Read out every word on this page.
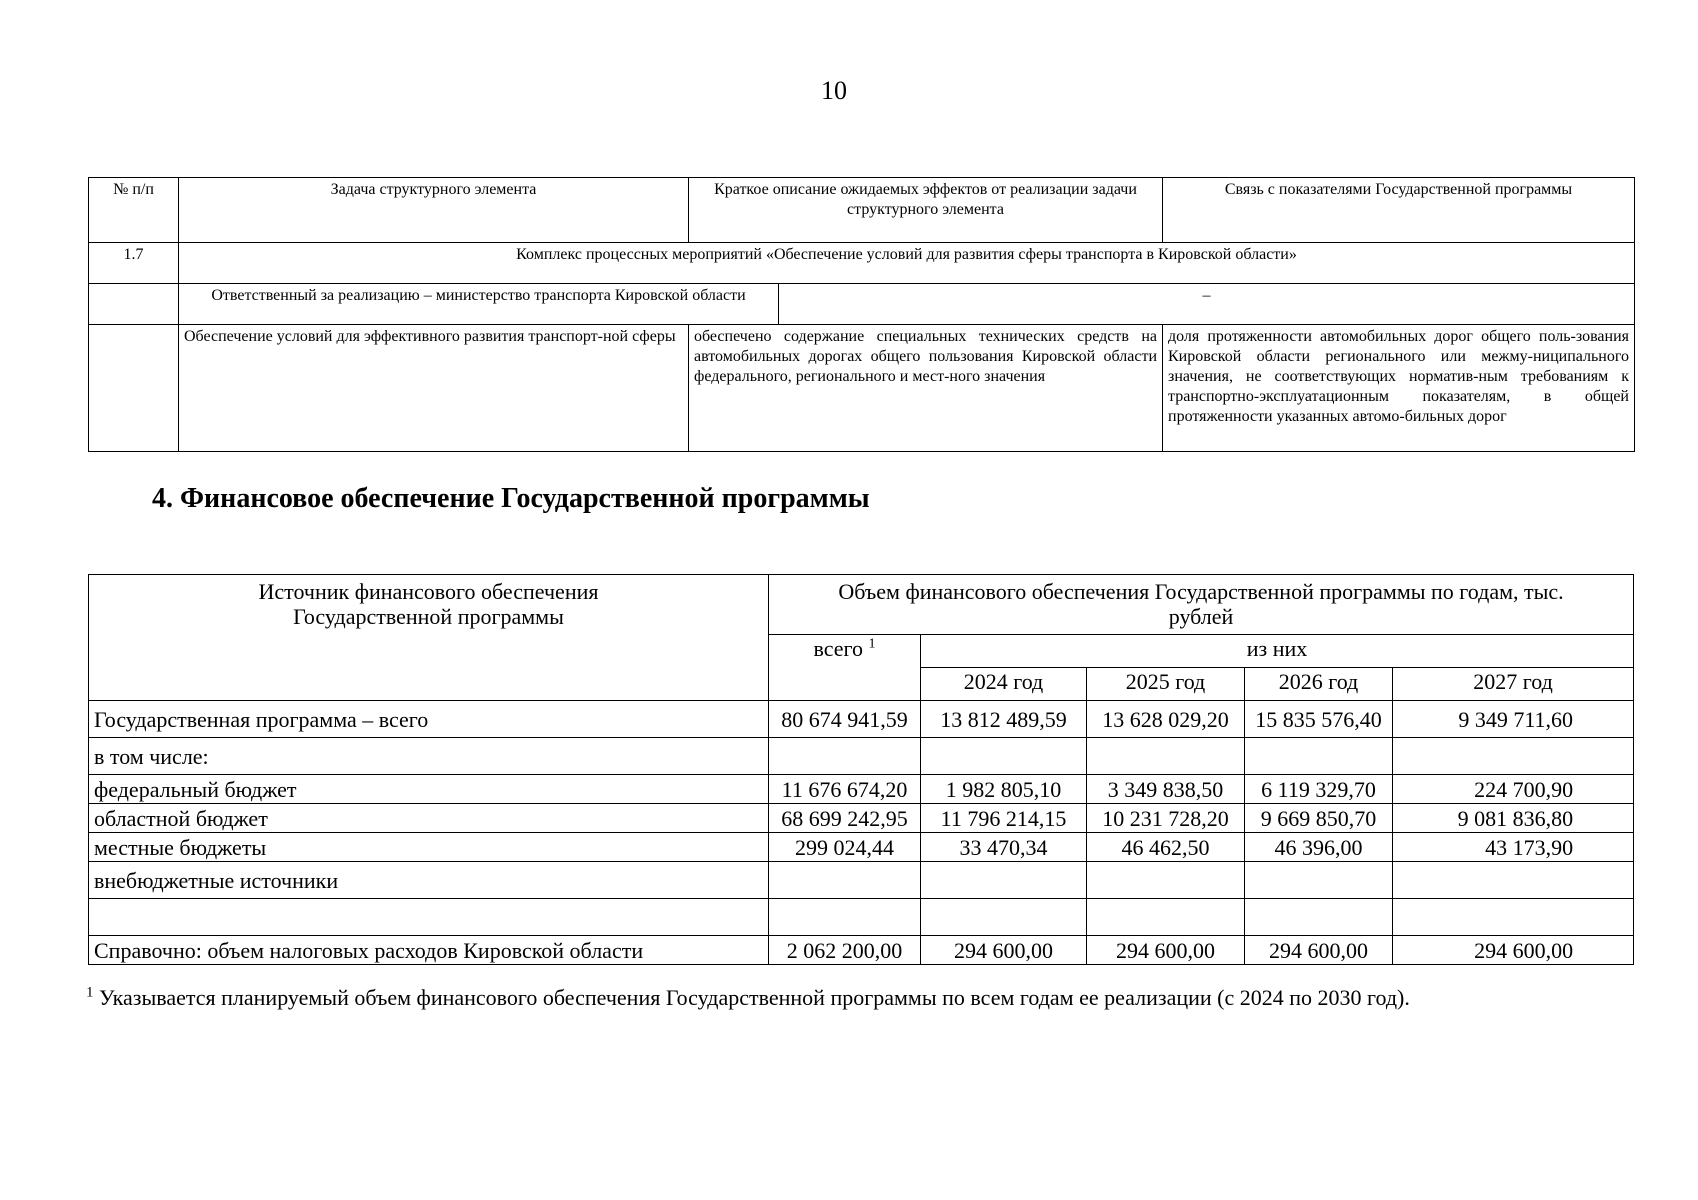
10
№ п/п	Задача структурного элемента	Краткое описание ожидаемых эффектов от реализации задачи структурного элемента		Связь с показателями Государственной программы
1.7	Комплекс процессных мероприятий «Обеспечение условий для развития сферы транспорта в Кировской области»			
	Ответственный за реализацию – министерство транспорта Кировской области		–	
	Обеспечение условий для эффективного развития транспорт-ной сферы	обеспечено содержание специальных технических средств на автомобильных дорогах общего пользования Кировской области федерального, регионального и мест-ного значения		доля протяженности автомобильных дорог общего поль-зования Кировской области регионального или межму-ниципального значения, не соответствующих норматив-ным требованиям к транспортно-эксплуатационным показателям, в общей протяженности указанных автомо-бильных дорог
4. Финансовое обеспечение Государственной программы
Источник финансового обеспечения Государственной программы	Объем финансового обеспечения Государственной программы по годам, тыс. рублей				

	всего $^1$	из них			
		2024 год	2025 год	2026 год	2027 год
Государственная программа – всего	80 674 941,59	13 812 489,59	13 628 029,20	15 835 576,40	9 349 711,60
в том числе:					
федеральный бюджет	11 676 674,20	1 982 805,10	3 349 838,50	6 119 329,70	224 700,90
областной бюджет	68 699 242,95	11 796 214,15	10 231 728,20	9 669 850,70	9 081 836,80
местные бюджеты	299 024,44	33 470,34	46 462,50	46 396,00	43 173,90
внебюджетные источники					

Справочно: объем налоговых расходов Кировской области	2 062 200,00	294 600,00	294 600,00	294 600,00	294 600,00
$^1$ Указывается планируемый объем финансового обеспечения Государственной программы по всем годам ее реализации (с 2024 по 2030 год).
